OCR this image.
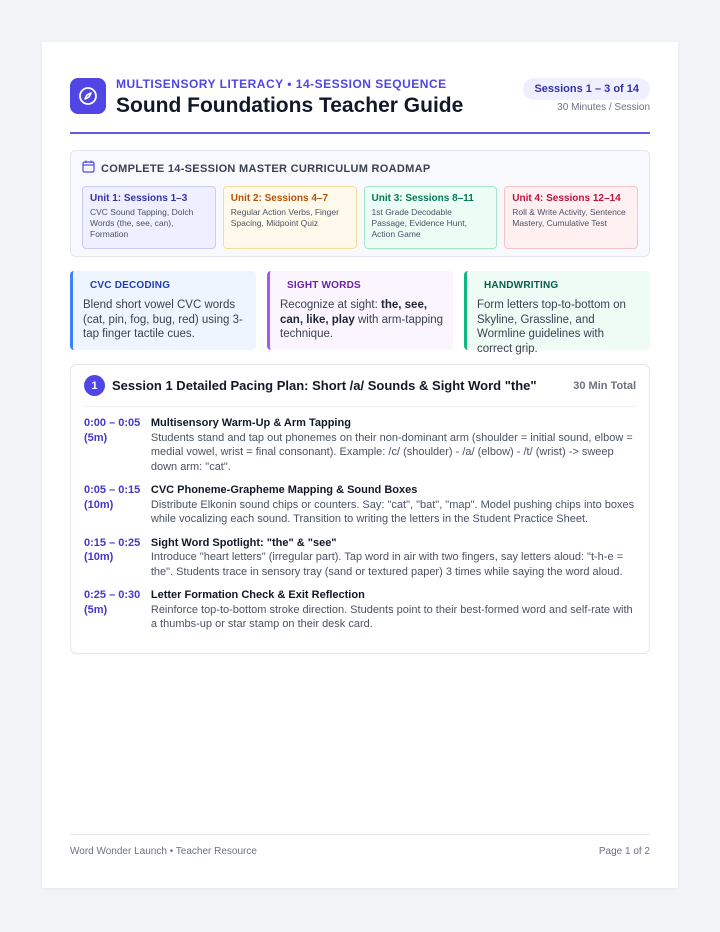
MULTISENSORY LITERACY • 14-SESSION SEQUENCE
Sound Foundations Teacher Guide
Sessions 1 – 3 of 14
30 Minutes / Session
COMPLETE 14-SESSION MASTER CURRICULUM ROADMAP
Unit 1: Sessions 1–3
CVC Sound Tapping, Dolch Words (the, see, can), Formation
Unit 2: Sessions 4–7
Regular Action Verbs, Finger Spacing, Midpoint Quiz
Unit 3: Sessions 8–11
1st Grade Decodable Passage, Evidence Hunt, Action Game
Unit 4: Sessions 12–14
Roll & Write Activity, Sentence Mastery, Cumulative Test
CVC DECODING
Blend short vowel CVC words (cat, pin, fog, bug, red) using 3-tap finger tactile cues.
SIGHT WORDS
Recognize at sight: the, see, can, like, play with arm-tapping technique.
HANDWRITING
Form letters top-to-bottom on Skyline, Grassline, and Wormline guidelines with correct grip.
1	Session 1 Detailed Pacing Plan: Short /a/ Sounds & Sight Word "the"	30 Min Total
0:00 – 0:05 (5m)
Multisensory Warm-Up & Arm Tapping
Students stand and tap out phonemes on their non-dominant arm (shoulder = initial sound, elbow = medial vowel, wrist = final consonant). Example: /c/ (shoulder) - /a/ (elbow) - /t/ (wrist) -> sweep down arm: "cat".
0:05 – 0:15 (10m)
CVC Phoneme-Grapheme Mapping & Sound Boxes
Distribute Elkonin sound chips or counters. Say: "cat", "bat", "map". Model pushing chips into boxes while vocalizing each sound. Transition to writing the letters in the Student Practice Sheet.
0:15 – 0:25 (10m)
Sight Word Spotlight: "the" & "see"
Introduce "heart letters" (irregular part). Tap word in air with two fingers, say letters aloud: "t-h-e = the". Students trace in sensory tray (sand or textured paper) 3 times while saying the word aloud.
0:25 – 0:30 (5m)
Letter Formation Check & Exit Reflection
Reinforce top-to-bottom stroke direction. Students point to their best-formed word and self-rate with a thumbs-up or star stamp on their desk card.
Word Wonder Launch • Teacher Resource	Page 1 of 2
